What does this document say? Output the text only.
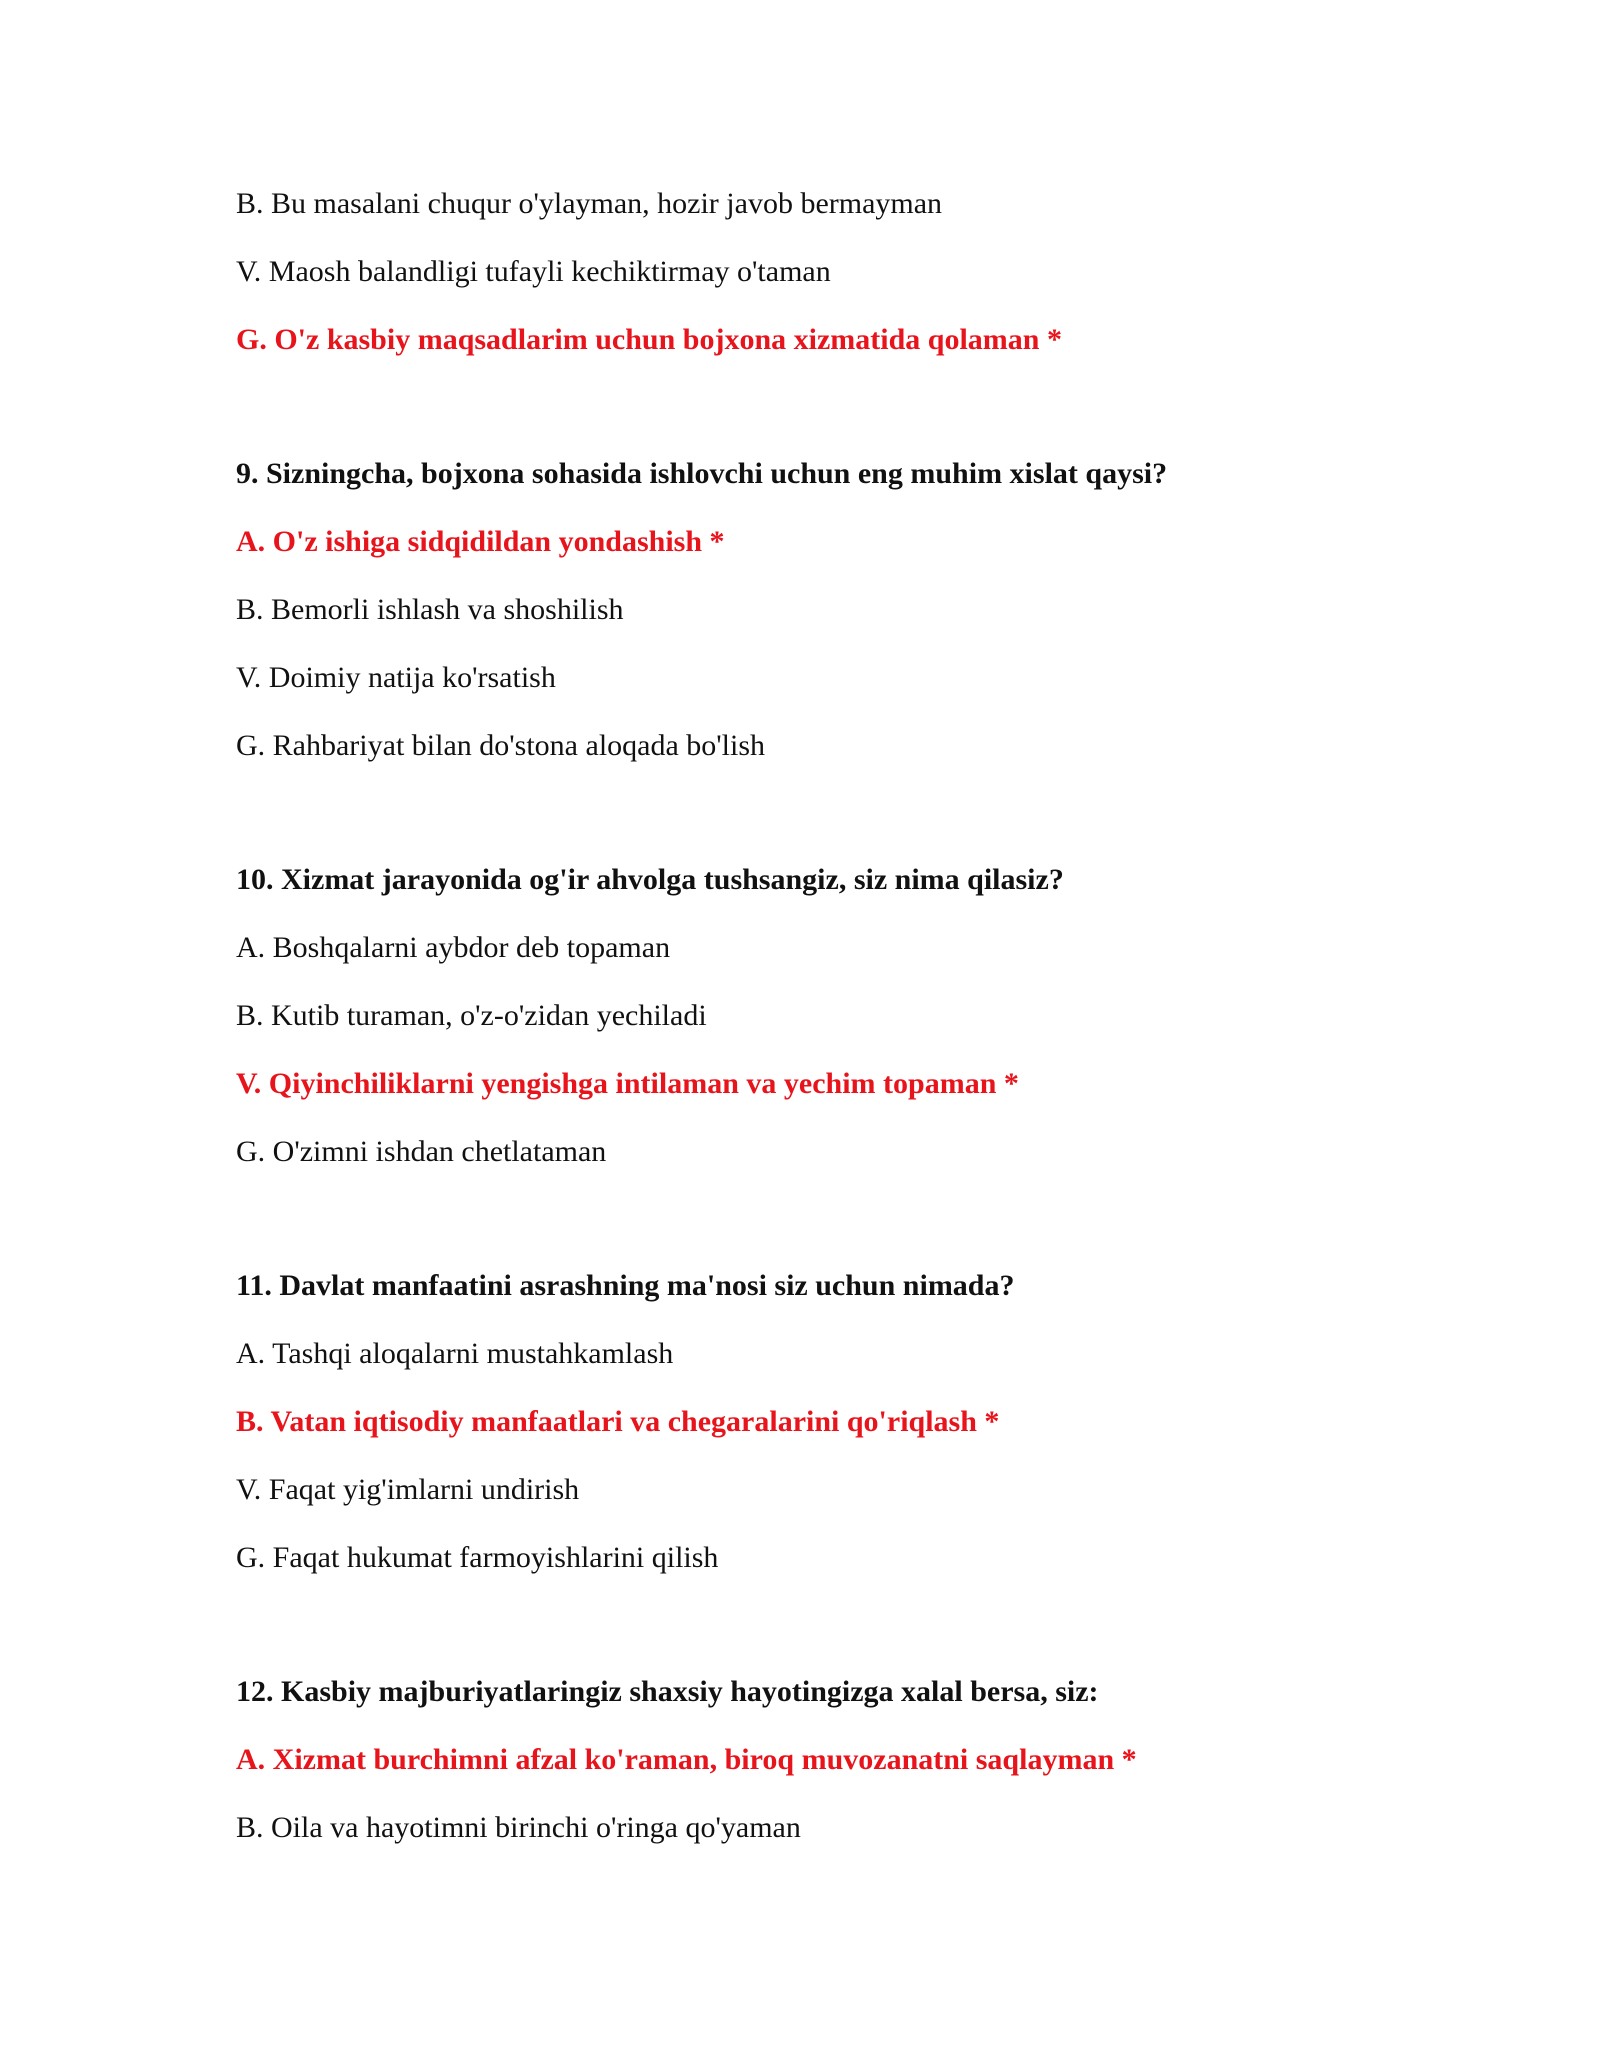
B. Bu masalani chuqur o'ylayman, hozir javob bermayman
V. Maosh balandligi tufayli kechiktirmay o'taman
G. O'z kasbiy maqsadlarim uchun bojxona xizmatida qolaman *
9. Sizningcha, bojxona sohasida ishlovchi uchun eng muhim xislat qaysi?
A. O'z ishiga sidqidildan yondashish *
B. Bemorli ishlash va shoshilish
V. Doimiy natija ko'rsatish
G. Rahbariyat bilan do'stona aloqada bo'lish
10. Xizmat jarayonida og'ir ahvolga tushsangiz, siz nima qilasiz?
A. Boshqalarni aybdor deb topaman
B. Kutib turaman, o'z-o'zidan yechiladi
V. Qiyinchiliklarni yengishga intilaman va yechim topaman *
G. O'zimni ishdan chetlataman
11. Davlat manfaatini asrashning ma'nosi siz uchun nimada?
A. Tashqi aloqalarni mustahkamlash
B. Vatan iqtisodiy manfaatlari va chegaralarini qo'riqlash *
V. Faqat yig'imlarni undirish
G. Faqat hukumat farmoyishlarini qilish
12. Kasbiy majburiyatlaringiz shaxsiy hayotingizga xalal bersa, siz:
A. Xizmat burchimni afzal ko'raman, biroq muvozanatni saqlayman *
B. Oila va hayotimni birinchi o'ringa qo'yaman
